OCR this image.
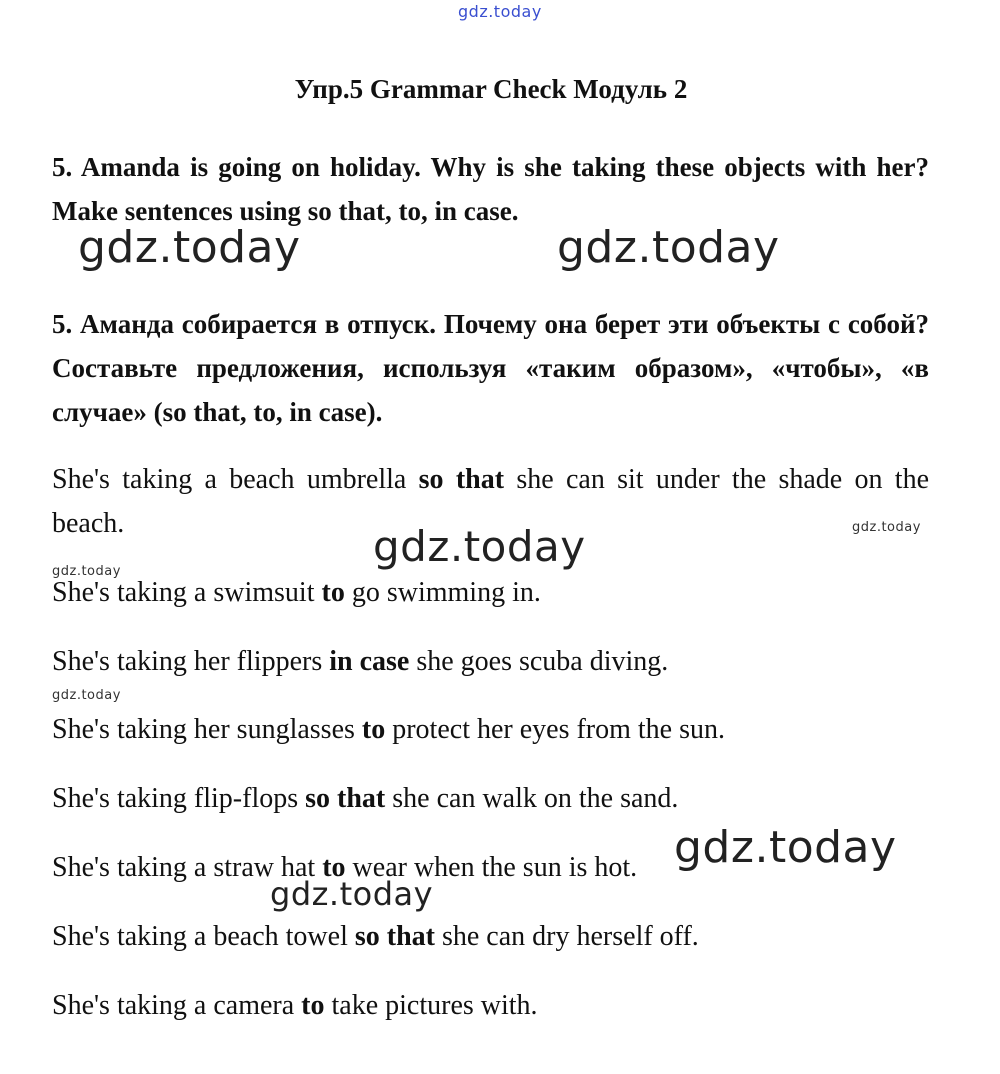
gdz.today
Упр.5 Grammar Check Модуль 2
5. Amanda is going on holiday. Why is she taking these objects with her? Make sentences using so that, to, in case.
gdz.today	gdz.today
5. Аманда собирается в отпуск. Почему она берет эти объекты с собой? Составьте предложения, используя «таким образом», «чтобы», «в случае» (so that, to, in case).
She's taking a beach umbrella so that she can sit under the shade on the beach.	gdz.today
gdz.today
gdz.today
She's taking a swimsuit to go swimming in.
She's taking her flippers in case she goes scuba diving.
gdz.today
She's taking her sunglasses to protect her eyes from the sun.
She's taking flip-flops so that she can walk on the sand.
She's taking a straw hat to wear when the sun is hot. gdz.today
gdz.today
She's taking a beach towel so that she can dry herself off.
She's taking a camera to take pictures with.
